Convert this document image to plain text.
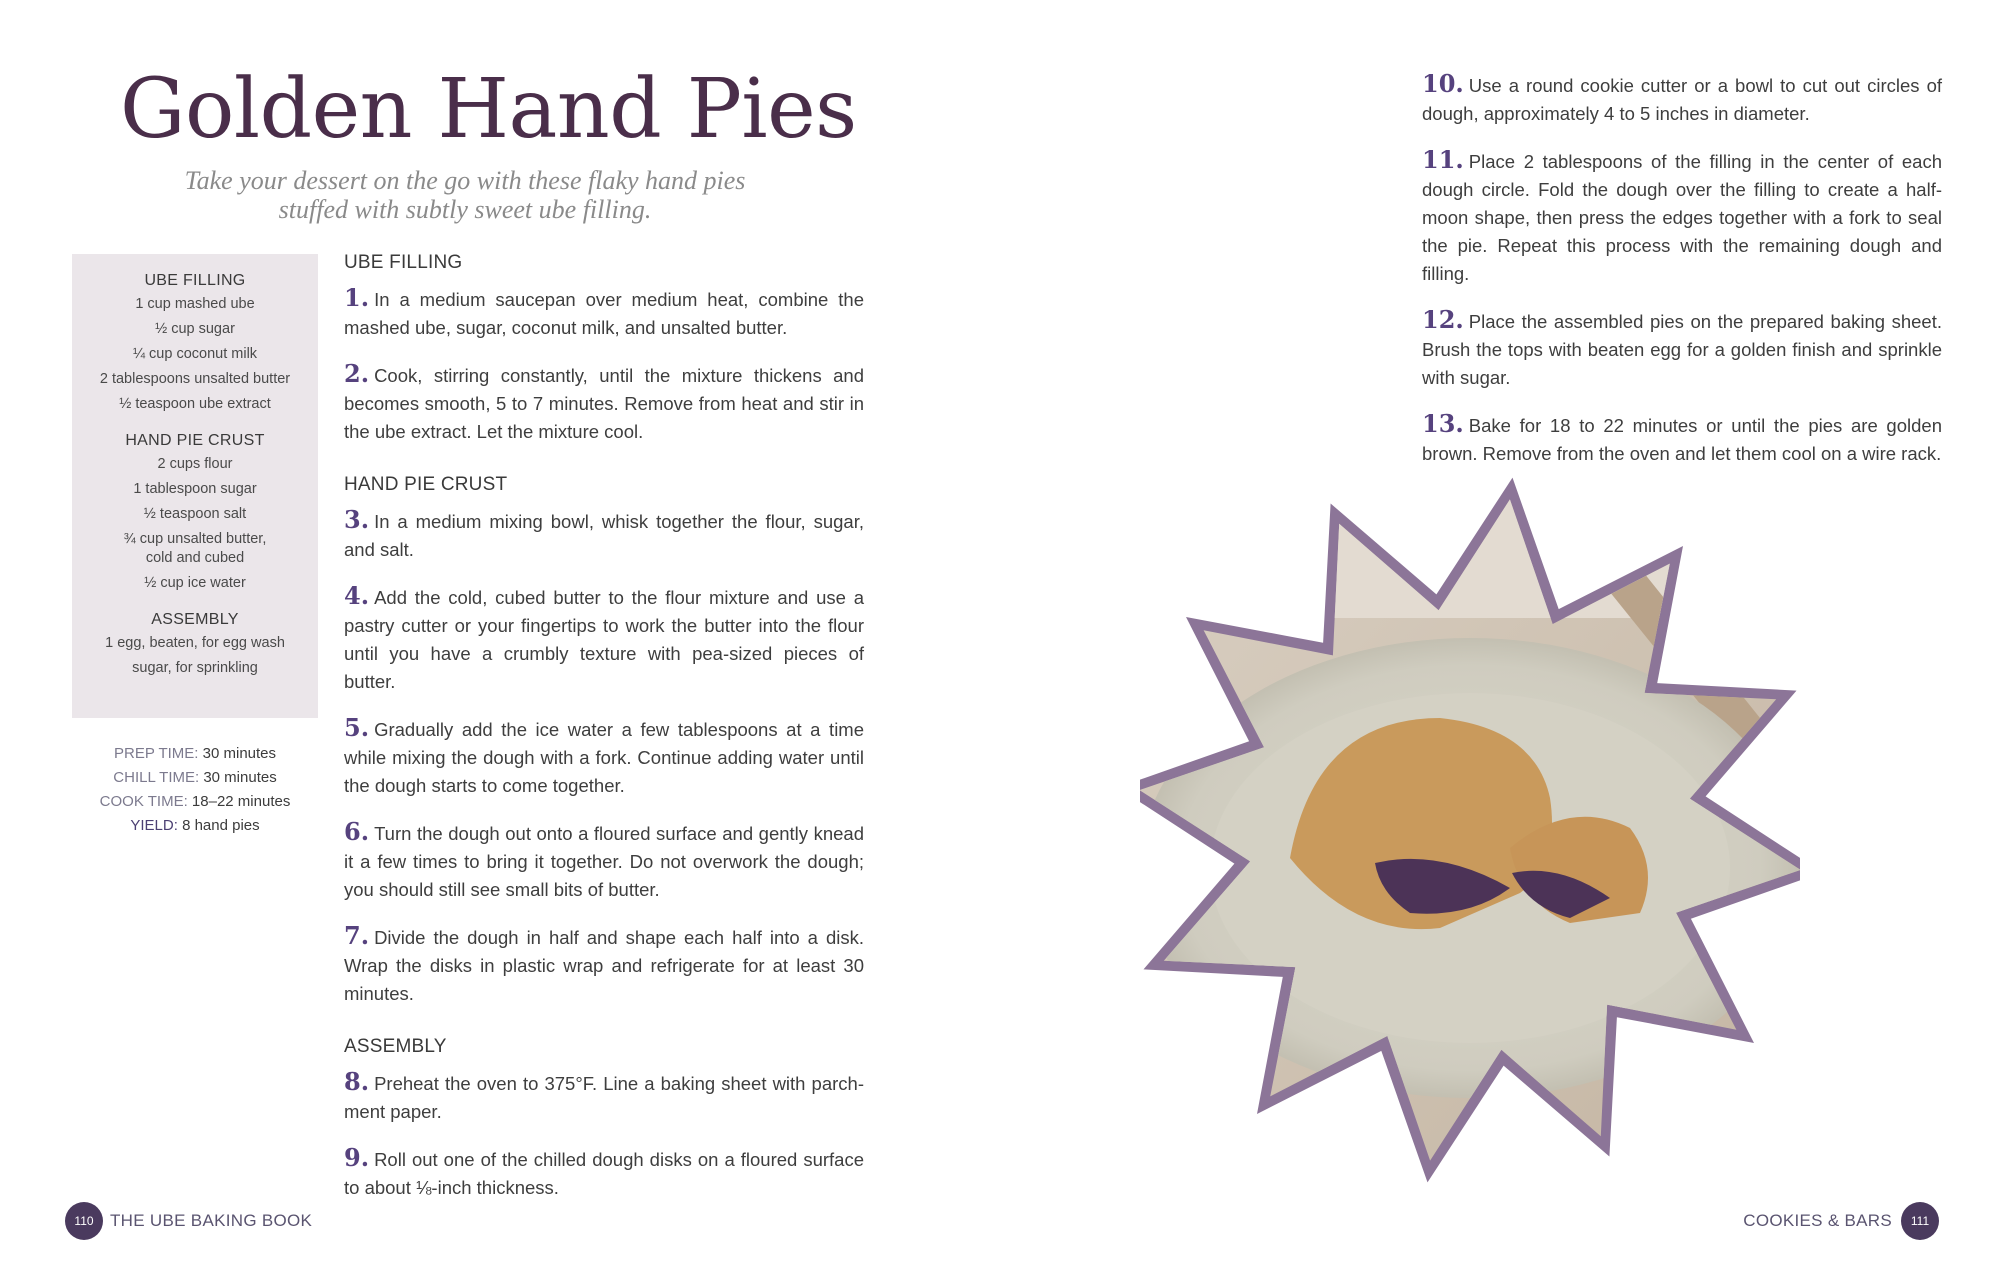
Golden Hand Pies

Take your dessert on the go with these flaky hand pies stuffed with subtly sweet ube filling.

UBE FILLING
1 cup mashed ube
½ cup sugar
¼ cup coconut milk
2 tablespoons unsalted butter
½ teaspoon ube extract
HAND PIE CRUST
2 cups flour
1 tablespoon sugar
½ teaspoon salt
¾ cup unsalted butter, cold and cubed
½ cup ice water
ASSEMBLY
1 egg, beaten, for egg wash
sugar, for sprinkling
PREP TIME: 30 minutes
CHILL TIME: 30 minutes
COOK TIME: 18–22 minutes
YIELD: 8 hand pies
UBE FILLING

1. In a medium saucepan over medium heat, combine the mashed ube, sugar, coconut milk, and unsalted butter.

2. Cook, stirring constantly, until the mixture thickens and becomes smooth, 5 to 7 minutes. Remove from heat and stir in the ube extract. Let the mixture cool.

HAND PIE CRUST

3. In a medium mixing bowl, whisk together the flour, sugar, and salt.

4. Add the cold, cubed butter to the flour mixture and use a pastry cutter or your fingertips to work the butter into the flour until you have a crumbly texture with pea-sized pieces of butter.

5. Gradually add the ice water a few tablespoons at a time while mixing the dough with a fork. Continue adding water until the dough starts to come together.

6. Turn the dough out onto a floured surface and gently knead it a few times to bring it together. Do not overwork the dough; you should still see small bits of butter.

7. Divide the dough in half and shape each half into a disk. Wrap the disks in plastic wrap and refrigerate for at least 30 minutes.

ASSEMBLY

8. Preheat the oven to 375°F. Line a baking sheet with parch- ment paper.

9. Roll out one of the chilled dough disks on a floured surface to about ⅛-inch thickness.

110 THE UBE BAKING BOOK

10. Use a round cookie cutter or a bowl to cut out circles of dough, approximately 4 to 5 inches in diameter.

11. Place 2 tablespoons of the filling in the center of each dough circle. Fold the dough over the filling to create a half-moon shape, then press the edges together with a fork to seal the pie. Repeat this process with the remaining dough and filling.

12. Place the assembled pies on the prepared baking sheet. Brush the tops with beaten egg for a golden finish and sprinkle with sugar.

13. Bake for 18 to 22 minutes or until the pies are golden brown. Remove from the oven and let them cool on a wire rack.

COOKIES & BARS	111
